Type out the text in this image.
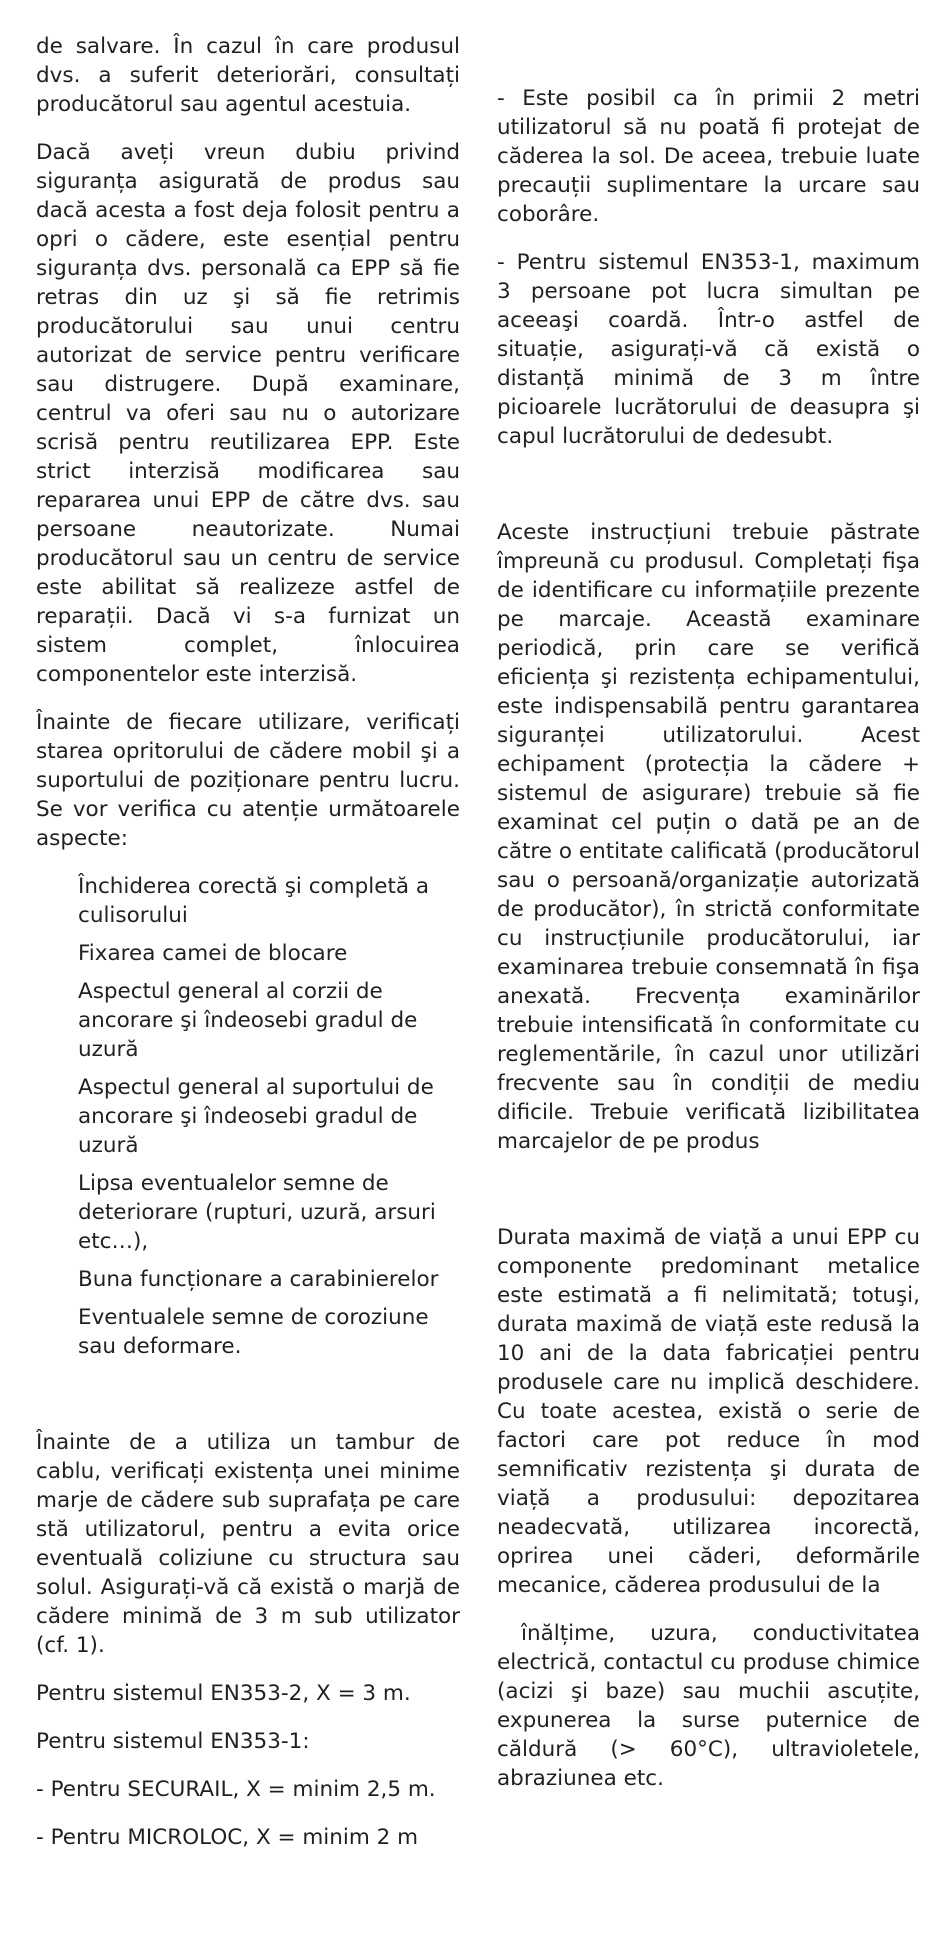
de salvare. În cazul în care produsul dvs. a suferit deteriorări, consultați producătorul sau agentul acestuia.

Dacă aveți vreun dubiu privind siguranța asigurată de produs sau dacă acesta a fost deja folosit pentru a opri o cădere, este esențial pentru siguranța dvs. personală ca EPP să fie retras din uz şi să fie retrimis producătorului sau unui centru autorizat de service pentru verificare sau distrugere. După examinare, centrul va oferi sau nu o autorizare scrisă pentru reutilizarea EPP. Este strict interzisă modificarea sau repararea unui EPP de către dvs. sau persoane neautorizate. Numai producătorul sau un centru de service este abilitat să realizeze astfel de reparații. Dacă vi s-a furnizat un sistem complet, înlocuirea componentelor este interzisă.

Înainte de fiecare utilizare, verificați starea opritorului de cădere mobil şi a suportului de poziționare pentru lucru. Se vor verifica cu atenție următoarele aspecte:

Închiderea corectă şi completă a culisorului
Fixarea camei de blocare
Aspectul general al corzii de ancorare şi îndeosebi gradul de uzură
Aspectul general al suportului de ancorare şi îndeosebi gradul de uzură
Lipsa eventualelor semne de deteriorare (rupturi, uzură, arsuri etc…),
Buna funcționare a carabinierelor
Eventualele semne de coroziune sau deformare.

Înainte de a utiliza un tambur de cablu, verificați existența unei minime marje de cădere sub suprafața pe care stă utilizatorul, pentru a evita orice eventuală coliziune cu structura sau solul. Asigurați-vă că există o marjă de cădere minimă de 3 m sub utilizator (cf. 1).

Pentru sistemul EN353-2, X = 3 m.

Pentru sistemul EN353-1:

- Pentru SECURAIL, X = minim 2,5 m.

- Pentru MICROLOC, X = minim 2 m

- Este posibil ca în primii 2 metri utilizatorul să nu poată fi protejat de căderea la sol. De aceea, trebuie luate precauții suplimentare la urcare sau coborâre.

- Pentru sistemul EN353-1, maximum 3 persoane pot lucra simultan pe aceeaşi coardă. Într-o astfel de situație, asigurați-vă că există o distanță minimă de 3 m între picioarele lucrătorului de deasupra şi capul lucrătorului de dedesubt.

Aceste instrucțiuni trebuie păstrate împreună cu produsul. Completați fişa de identificare cu informațiile prezente pe marcaje. Această examinare periodică, prin care se verifică eficiența şi rezistența echipamentului, este indispensabilă pentru garantarea siguranței utilizatorului. Acest echipament (protecția la cădere + sistemul de asigurare) trebuie să fie examinat cel puțin o dată pe an de către o entitate calificată (producătorul sau o persoană/organizație autorizată de producător), în strictă conformitate cu instrucțiunile producătorului, iar examinarea trebuie consemnată în fişa anexată. Frecvența examinărilor trebuie intensificată în conformitate cu reglementările, în cazul unor utilizări frecvente sau în condiții de mediu dificile. Trebuie verificată lizibilitatea marcajelor de pe produs

Durata maximă de viață a unui EPP cu componente predominant metalice este estimată a fi nelimitată; totuşi, durata maximă de viață este redusă la 10 ani de la data fabricației pentru produsele care nu implică deschidere. Cu toate acestea, există o serie de factori care pot reduce în mod semnificativ rezistența şi durata de viață a produsului: depozitarea neadecvată, utilizarea incorectă, oprirea unei căderi, deformările mecanice, căderea produsului de la

înălțime, uzura, conductivitatea electrică, contactul cu produse chimice (acizi şi baze) sau muchii ascuțite, expunerea la surse puternice de căldură (> 60°C), ultravioletele, abraziunea etc.
